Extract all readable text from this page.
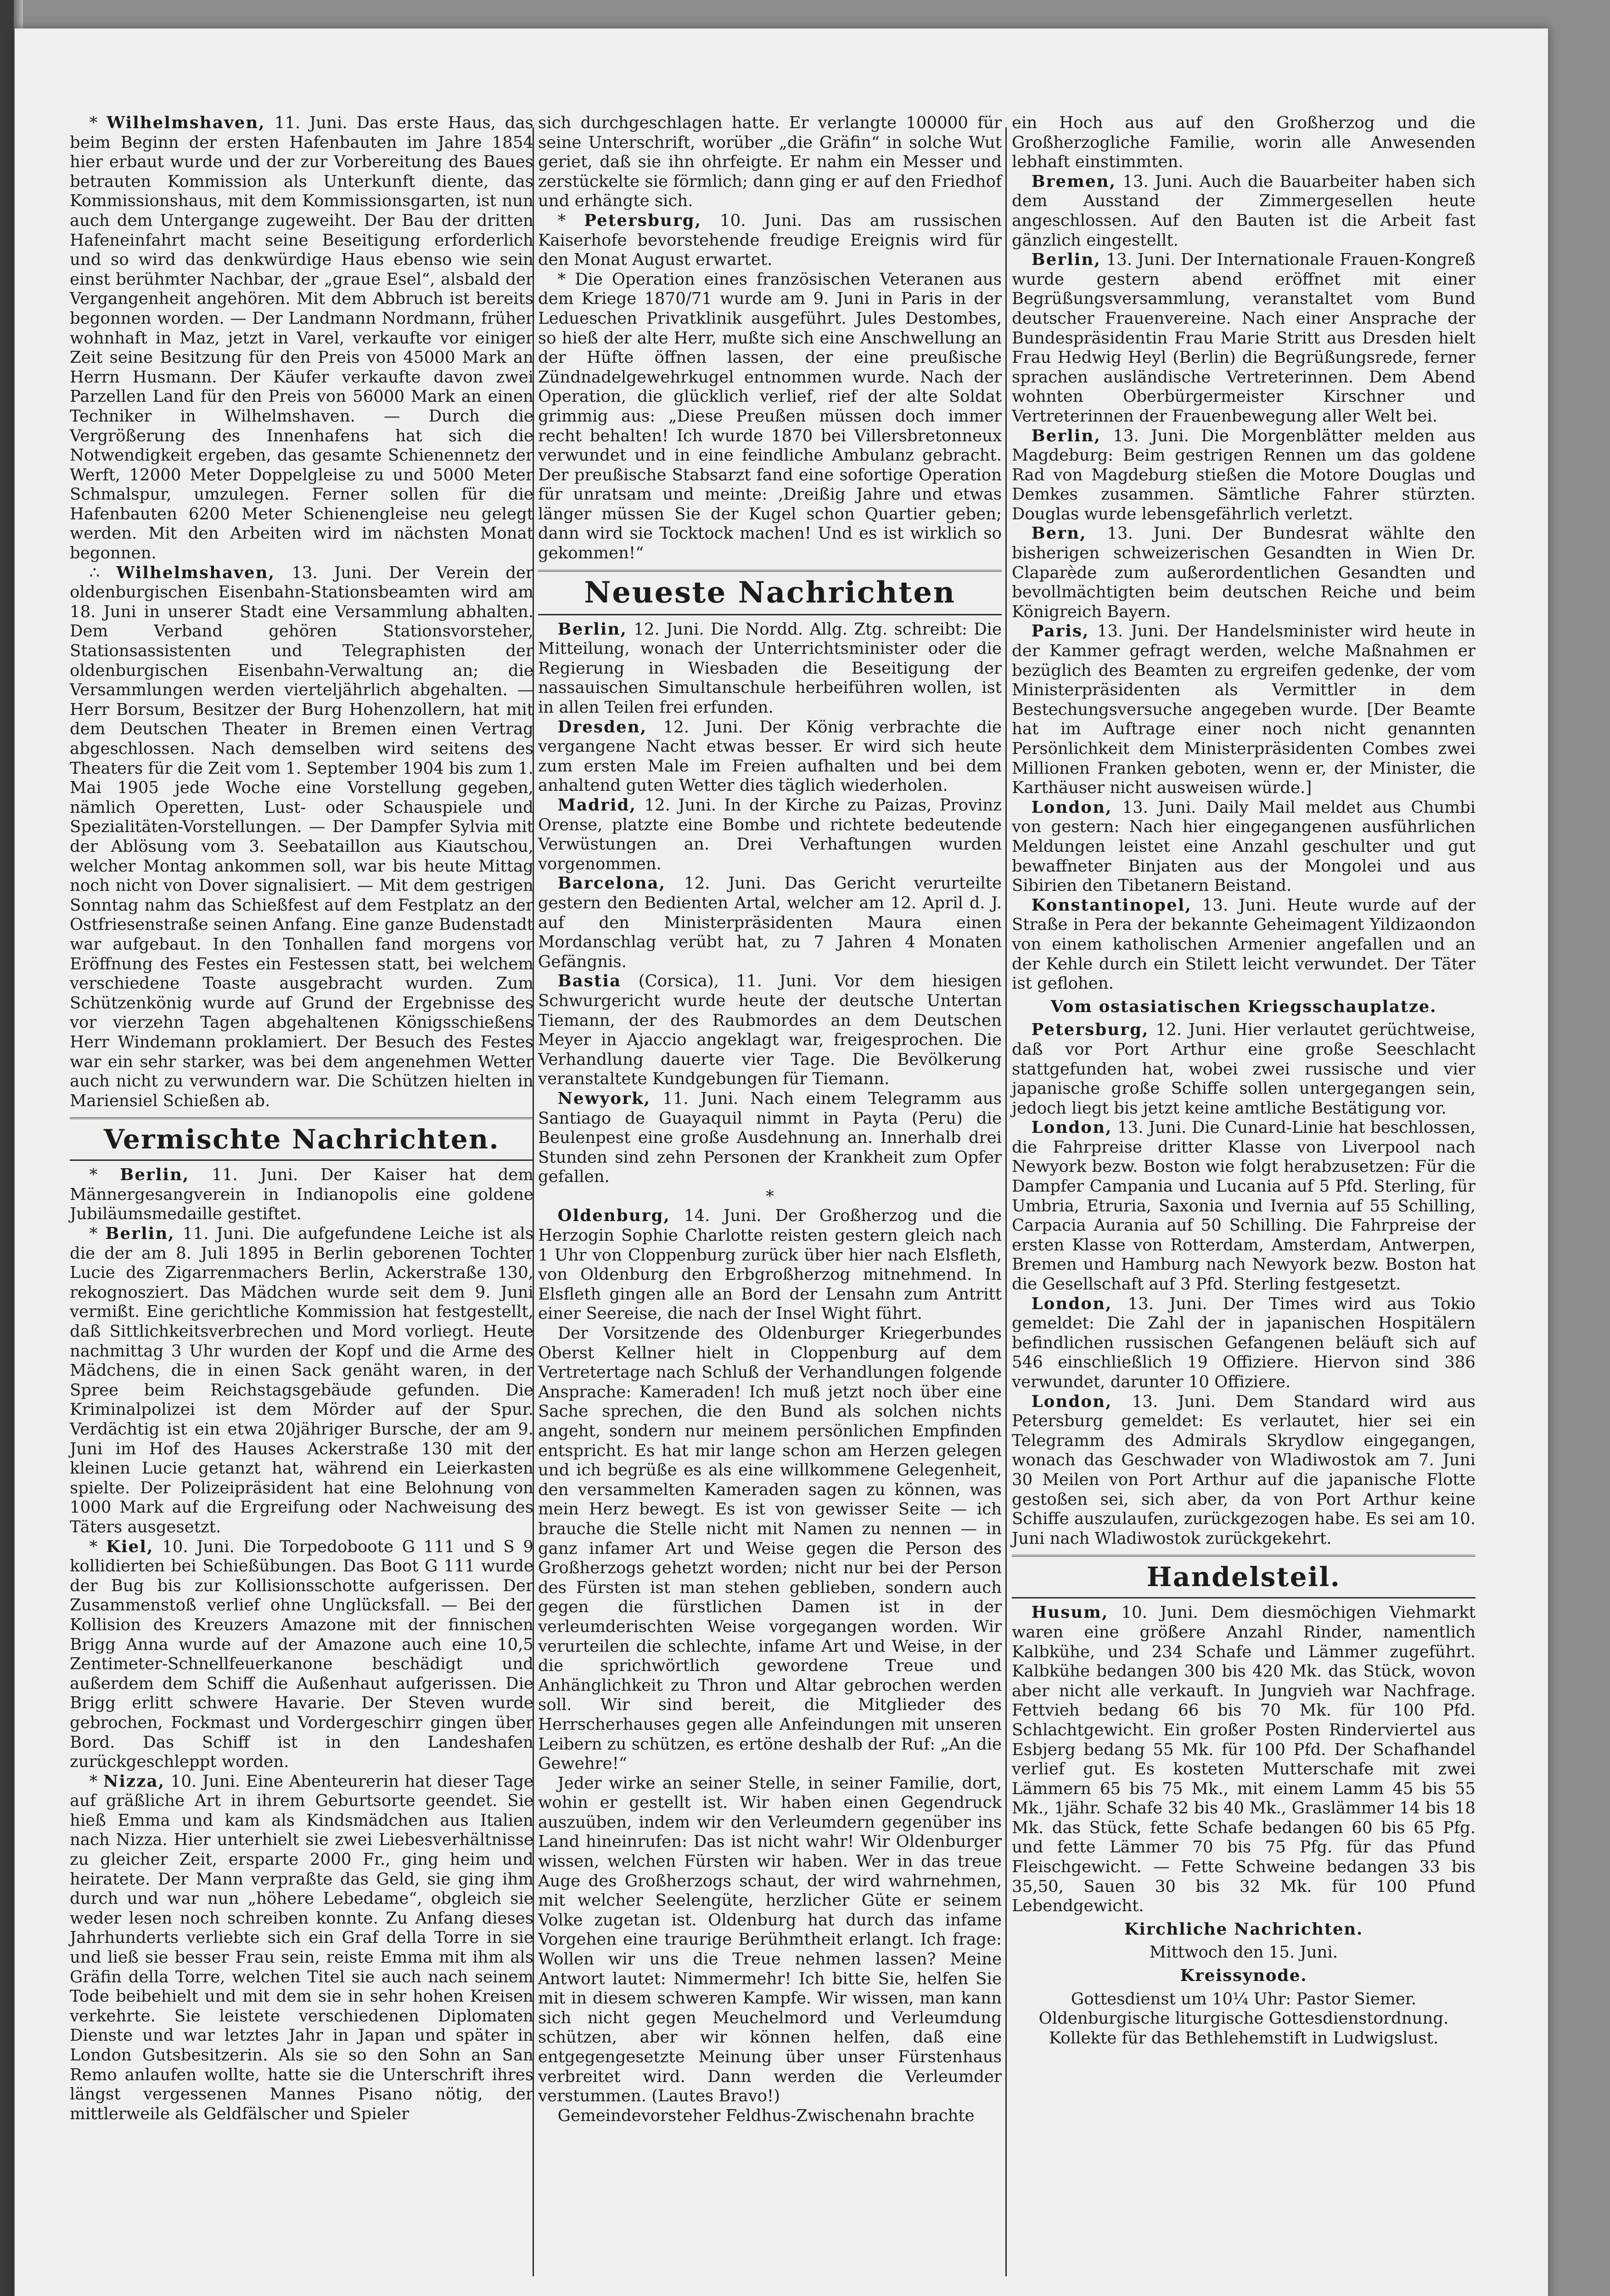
* Wilhelmshaven, 11. Juni. Das erste Haus, das beim Beginn der ersten Hafenbauten im Jahre 1854 hier erbaut wurde und der zur Vorbereitung des Baues betrauten Kommission als Unterkunft diente, das Kommissionshaus, mit dem Kommissionsgarten, ist nun auch dem Untergange zugeweiht. Der Bau der dritten Hafeneinfahrt macht seine Beseitigung erforderlich und so wird das denkwürdige Haus ebenso wie sein einst berühmter Nachbar, der „graue Esel“, alsbald der Vergangenheit angehören. Mit dem Abbruch ist bereits begonnen worden. — Der Landmann Nordmann, früher wohnhaft in Maz, jetzt in Varel, verkaufte vor einiger Zeit seine Besitzung für den Preis von 45000 Mark an Herrn Husmann. Der Käufer verkaufte davon zwei Parzellen Land für den Preis von 56000 Mark an einen Techniker in Wilhelmshaven. — Durch die Vergrößerung des Innenhafens hat sich die Notwendigkeit ergeben, das gesamte Schienennetz der Werft, 12000 Meter Doppelgleise zu und 5000 Meter Schmalspur, umzulegen. Ferner sollen für die Hafenbauten 6200 Meter Schienengleise neu gelegt werden. Mit den Arbeiten wird im nächsten Monat begonnen.

∴ Wilhelmshaven, 13. Juni. Der Verein der oldenburgischen Eisenbahn-Stationsbeamten wird am 18. Juni in unserer Stadt eine Versammlung abhalten. Dem Verband gehören Stationsvorsteher, Stationsassistenten und Telegraphisten der oldenburgischen Eisenbahn-Verwaltung an; die Versammlungen werden vierteljährlich abgehalten. — Herr Borsum, Besitzer der Burg Hohenzollern, hat mit dem Deutschen Theater in Bremen einen Vertrag abgeschlossen. Nach demselben wird seitens des Theaters für die Zeit vom 1. September 1904 bis zum 1. Mai 1905 jede Woche eine Vorstellung gegeben, nämlich Operetten, Lust- oder Schauspiele und Spezialitäten-Vorstellungen. — Der Dampfer Sylvia mit der Ablösung vom 3. Seebataillon aus Kiautschou, welcher Montag ankommen soll, war bis heute Mittag noch nicht von Dover signalisiert. — Mit dem gestrigen Sonntag nahm das Schießfest auf dem Festplatz an der Ostfriesenstraße seinen Anfang. Eine ganze Budenstadt war aufgebaut. In den Tonhallen fand morgens vor Eröffnung des Festes ein Festessen statt, bei welchem verschiedene Toaste ausgebracht wurden. Zum Schützenkönig wurde auf Grund der Ergebnisse des vor vierzehn Tagen abgehaltenen Königsschießens Herr Windemann proklamiert. Der Besuch des Festes war ein sehr starker, was bei dem angenehmen Wetter auch nicht zu verwundern war. Die Schützen hielten in Mariensiel Schießen ab.

Vermischte Nachrichten.

* Berlin, 11. Juni. Der Kaiser hat dem Männergesangverein in Indianopolis eine goldene Jubiläumsmedaille gestiftet.

* Berlin, 11. Juni. Die aufgefundene Leiche ist als die der am 8. Juli 1895 in Berlin geborenen Tochter Lucie des Zigarrenmachers Berlin, Ackerstraße 130, rekognosziert. Das Mädchen wurde seit dem 9. Juni vermißt. Eine gerichtliche Kommission hat festgestellt, daß Sittlichkeitsverbrechen und Mord vorliegt. Heute nachmittag 3 Uhr wurden der Kopf und die Arme des Mädchens, die in einen Sack genäht waren, in der Spree beim Reichstagsgebäude gefunden. Die Kriminalpolizei ist dem Mörder auf der Spur. Verdächtig ist ein etwa 20jähriger Bursche, der am 9. Juni im Hof des Hauses Ackerstraße 130 mit der kleinen Lucie getanzt hat, während ein Leierkasten spielte. Der Polizeipräsident hat eine Belohnung von 1000 Mark auf die Ergreifung oder Nachweisung des Täters ausgesetzt.

* Kiel, 10. Juni. Die Torpedoboote G 111 und S 9 kollidierten bei Schießübungen. Das Boot G 111 wurde der Bug bis zur Kollisionsschotte aufgerissen. Der Zusammenstoß verlief ohne Unglücksfall. — Bei der Kollision des Kreuzers Amazone mit der finnischen Brigg Anna wurde auf der Amazone auch eine 10,5 Zentimeter-Schnellfeuerkanone beschädigt und außerdem dem Schiff die Außenhaut aufgerissen. Die Brigg erlitt schwere Havarie. Der Steven wurde gebrochen, Fockmast und Vordergeschirr gingen über Bord. Das Schiff ist in den Landeshafen zurückgeschleppt worden.

* Nizza, 10. Juni. Eine Abenteurerin hat dieser Tage auf gräßliche Art in ihrem Geburtsorte geendet. Sie hieß Emma und kam als Kindsmädchen aus Italien nach Nizza. Hier unterhielt sie zwei Liebesverhältnisse zu gleicher Zeit, ersparte 2000 Fr., ging heim und heiratete. Der Mann verpraßte das Geld, sie ging ihm durch und war nun „höhere Lebedame“, obgleich sie weder lesen noch schreiben konnte. Zu Anfang dieses Jahrhunderts verliebte sich ein Graf della Torre in sie und ließ sie besser Frau sein, reiste Emma mit ihm als Gräfin della Torre, welchen Titel sie auch nach seinem Tode beibehielt und mit dem sie in sehr hohen Kreisen verkehrte. Sie leistete verschiedenen Diplomaten Dienste und war letztes Jahr in Japan und später in London Gutsbesitzerin. Als sie so den Sohn an San Remo anlaufen wollte, hatte sie die Unterschrift ihres längst vergessenen Mannes Pisano nötig, der mittlerweile als Geldfälscher und Spieler

sich durchgeschlagen hatte. Er verlangte 100000 für seine Unterschrift, worüber „die Gräfin“ in solche Wut geriet, daß sie ihn ohrfeigte. Er nahm ein Messer und zerstückelte sie förmlich; dann ging er auf den Friedhof und erhängte sich.

* Petersburg, 10. Juni. Das am russischen Kaiserhofe bevorstehende freudige Ereignis wird für den Monat August erwartet.

* Die Operation eines französischen Veteranen aus dem Kriege 1870/71 wurde am 9. Juni in Paris in der Ledueschen Privatklinik ausgeführt. Jules Destombes, so hieß der alte Herr, mußte sich eine Anschwellung an der Hüfte öffnen lassen, der eine preußische Zündnadelgewehrkugel entnommen wurde. Nach der Operation, die glücklich verlief, rief der alte Soldat grimmig aus: „Diese Preußen müssen doch immer recht behalten! Ich wurde 1870 bei Villersbretonneux verwundet und in eine feindliche Ambulanz gebracht. Der preußische Stabsarzt fand eine sofortige Operation für unratsam und meinte: ‚Dreißig Jahre und etwas länger müssen Sie der Kugel schon Quartier geben; dann wird sie Tocktock machen! Und es ist wirklich so gekommen!“

Neueste Nachrichten

Berlin, 12. Juni. Die Nordd. Allg. Ztg. schreibt: Die Mitteilung, wonach der Unterrichtsminister oder die Regierung in Wiesbaden die Beseitigung der nassauischen Simultanschule herbeiführen wollen, ist in allen Teilen frei erfunden.

Dresden, 12. Juni. Der König verbrachte die vergangene Nacht etwas besser. Er wird sich heute zum ersten Male im Freien aufhalten und bei dem anhaltend guten Wetter dies täglich wiederholen.

Madrid, 12. Juni. In der Kirche zu Paizas, Provinz Orense, platzte eine Bombe und richtete bedeutende Verwüstungen an. Drei Verhaftungen wurden vorgenommen.

Barcelona, 12. Juni. Das Gericht verurteilte gestern den Bedienten Artal, welcher am 12. April d. J. auf den Ministerpräsidenten Maura einen Mordanschlag verübt hat, zu 7 Jahren 4 Monaten Gefängnis.

Bastia (Corsica), 11. Juni. Vor dem hiesigen Schwurgericht wurde heute der deutsche Untertan Tiemann, der des Raubmordes an dem Deutschen Meyer in Ajaccio angeklagt war, freigesprochen. Die Verhandlung dauerte vier Tage. Die Bevölkerung veranstaltete Kundgebungen für Tiemann.

Newyork, 11. Juni. Nach einem Telegramm aus Santiago de Guayaquil nimmt in Payta (Peru) die Beulenpest eine große Ausdehnung an. Innerhalb drei Stunden sind zehn Personen der Krankheit zum Opfer gefallen.

*

Oldenburg, 14. Juni. Der Großherzog und die Herzogin Sophie Charlotte reisten gestern gleich nach 1 Uhr von Cloppenburg zurück über hier nach Elsfleth, von Oldenburg den Erbgroßherzog mitnehmend. In Elsfleth gingen alle an Bord der Lensahn zum Antritt einer Seereise, die nach der Insel Wight führt.

Der Vorsitzende des Oldenburger Kriegerbundes Oberst Kellner hielt in Cloppenburg auf dem Vertretertage nach Schluß der Verhandlungen folgende Ansprache: Kameraden! Ich muß jetzt noch über eine Sache sprechen, die den Bund als solchen nichts angeht, sondern nur meinem persönlichen Empfinden entspricht. Es hat mir lange schon am Herzen gelegen und ich begrüße es als eine willkommene Gelegenheit, den versammelten Kameraden sagen zu können, was mein Herz bewegt. Es ist von gewisser Seite — ich brauche die Stelle nicht mit Namen zu nennen — in ganz infamer Art und Weise gegen die Person des Großherzogs gehetzt worden; nicht nur bei der Person des Fürsten ist man stehen geblieben, sondern auch gegen die fürstlichen Damen ist in der verleumderischten Weise vorgegangen worden. Wir verurteilen die schlechte, infame Art und Weise, in der die sprichwörtlich gewordene Treue und Anhänglichkeit zu Thron und Altar gebrochen werden soll. Wir sind bereit, die Mitglieder des Herrscherhauses gegen alle Anfeindungen mit unseren Leibern zu schützen, es ertöne deshalb der Ruf: „An die Gewehre!“

Jeder wirke an seiner Stelle, in seiner Familie, dort, wohin er gestellt ist. Wir haben einen Gegendruck auszuüben, indem wir den Verleumdern gegenüber ins Land hineinrufen: Das ist nicht wahr! Wir Oldenburger wissen, welchen Fürsten wir haben. Wer in das treue Auge des Großherzogs schaut, der wird wahrnehmen, mit welcher Seelengüte, herzlicher Güte er seinem Volke zugetan ist. Oldenburg hat durch das infame Vorgehen eine traurige Berühmtheit erlangt. Ich frage: Wollen wir uns die Treue nehmen lassen? Meine Antwort lautet: Nimmermehr! Ich bitte Sie, helfen Sie mit in diesem schweren Kampfe. Wir wissen, man kann sich nicht gegen Meuchelmord und Verleumdung schützen, aber wir können helfen, daß eine entgegengesetzte Meinung über unser Fürstenhaus verbreitet wird. Dann werden die Verleumder verstummen. (Lautes Bravo!)

Gemeindevorsteher Feldhus-Zwischenahn brachte

ein Hoch aus auf den Großherzog und die Großherzogliche Familie, worin alle Anwesenden lebhaft einstimmten.

Bremen, 13. Juni. Auch die Bauarbeiter haben sich dem Ausstand der Zimmergesellen heute angeschlossen. Auf den Bauten ist die Arbeit fast gänzlich eingestellt.

Berlin, 13. Juni. Der Internationale Frauen-Kongreß wurde gestern abend eröffnet mit einer Begrüßungsversammlung, veranstaltet vom Bund deutscher Frauenvereine. Nach einer Ansprache der Bundespräsidentin Frau Marie Stritt aus Dresden hielt Frau Hedwig Heyl (Berlin) die Begrüßungsrede, ferner sprachen ausländische Vertreterinnen. Dem Abend wohnten Oberbürgermeister Kirschner und Vertreterinnen der Frauenbewegung aller Welt bei.

Berlin, 13. Juni. Die Morgenblätter melden aus Magdeburg: Beim gestrigen Rennen um das goldene Rad von Magdeburg stießen die Motore Douglas und Demkes zusammen. Sämtliche Fahrer stürzten. Douglas wurde lebensgefährlich verletzt.

Bern, 13. Juni. Der Bundesrat wählte den bisherigen schweizerischen Gesandten in Wien Dr. Claparède zum außerordentlichen Gesandten und bevollmächtigten beim deutschen Reiche und beim Königreich Bayern.

Paris, 13. Juni. Der Handelsminister wird heute in der Kammer gefragt werden, welche Maßnahmen er bezüglich des Beamten zu ergreifen gedenke, der vom Ministerpräsidenten als Vermittler in dem Bestechungsversuche angegeben wurde. [Der Beamte hat im Auftrage einer noch nicht genannten Persönlichkeit dem Ministerpräsidenten Combes zwei Millionen Franken geboten, wenn er, der Minister, die Karthäuser nicht ausweisen würde.]

London, 13. Juni. Daily Mail meldet aus Chumbi von gestern: Nach hier eingegangenen ausführlichen Meldungen leistet eine Anzahl geschulter und gut bewaffneter Binjaten aus der Mongolei und aus Sibirien den Tibetanern Beistand.

Konstantinopel, 13. Juni. Heute wurde auf der Straße in Pera der bekannte Geheimagent Yildizaondon von einem katholischen Armenier angefallen und an der Kehle durch ein Stilett leicht verwundet. Der Täter ist geflohen.

Vom ostasiatischen Kriegsschauplatze.

Petersburg, 12. Juni. Hier verlautet gerüchtweise, daß vor Port Arthur eine große Seeschlacht stattgefunden hat, wobei zwei russische und vier japanische große Schiffe sollen untergegangen sein, jedoch liegt bis jetzt keine amtliche Bestätigung vor.

London, 13. Juni. Die Cunard-Linie hat beschlossen, die Fahrpreise dritter Klasse von Liverpool nach Newyork bezw. Boston wie folgt herabzusetzen: Für die Dampfer Campania und Lucania auf 5 Pfd. Sterling, für Umbria, Etruria, Saxonia und Ivernia auf 55 Schilling, Carpacia Aurania auf 50 Schilling. Die Fahrpreise der ersten Klasse von Rotterdam, Amsterdam, Antwerpen, Bremen und Hamburg nach Newyork bezw. Boston hat die Gesellschaft auf 3 Pfd. Sterling festgesetzt.

London, 13. Juni. Der Times wird aus Tokio gemeldet: Die Zahl der in japanischen Hospitälern befindlichen russischen Gefangenen beläuft sich auf 546 einschließlich 19 Offiziere. Hiervon sind 386 verwundet, darunter 10 Offiziere.

London, 13. Juni. Dem Standard wird aus Petersburg gemeldet: Es verlautet, hier sei ein Telegramm des Admirals Skrydlow eingegangen, wonach das Geschwader von Wladiwostok am 7. Juni 30 Meilen von Port Arthur auf die japanische Flotte gestoßen sei, sich aber, da von Port Arthur keine Schiffe auszulaufen, zurückgezogen habe. Es sei am 10. Juni nach Wladiwostok zurückgekehrt.

Handelsteil.

Husum, 10. Juni. Dem diesmöchigen Viehmarkt waren eine größere Anzahl Rinder, namentlich Kalbkühe, und 234 Schafe und Lämmer zugeführt. Kalbkühe bedangen 300 bis 420 Mk. das Stück, wovon aber nicht alle verkauft. In Jungvieh war Nachfrage. Fettvieh bedang 66 bis 70 Mk. für 100 Pfd. Schlachtgewicht. Ein großer Posten Rinderviertel aus Esbjerg bedang 55 Mk. für 100 Pfd. Der Schafhandel verlief gut. Es kosteten Mutterschafe mit zwei Lämmern 65 bis 75 Mk., mit einem Lamm 45 bis 55 Mk., 1jähr. Schafe 32 bis 40 Mk., Graslämmer 14 bis 18 Mk. das Stück, fette Schafe bedangen 60 bis 65 Pfg. und fette Lämmer 70 bis 75 Pfg. für das Pfund Fleischgewicht. — Fette Schweine bedangen 33 bis 35,50, Sauen 30 bis 32 Mk. für 100 Pfund Lebendgewicht.

Kirchliche Nachrichten.

Mittwoch den 15. Juni.

Kreissynode.

Gottesdienst um 10¼ Uhr: Pastor Siemer.

Oldenburgische liturgische Gottesdienstordnung.

Kollekte für das Bethlehemstift in Ludwigslust.
